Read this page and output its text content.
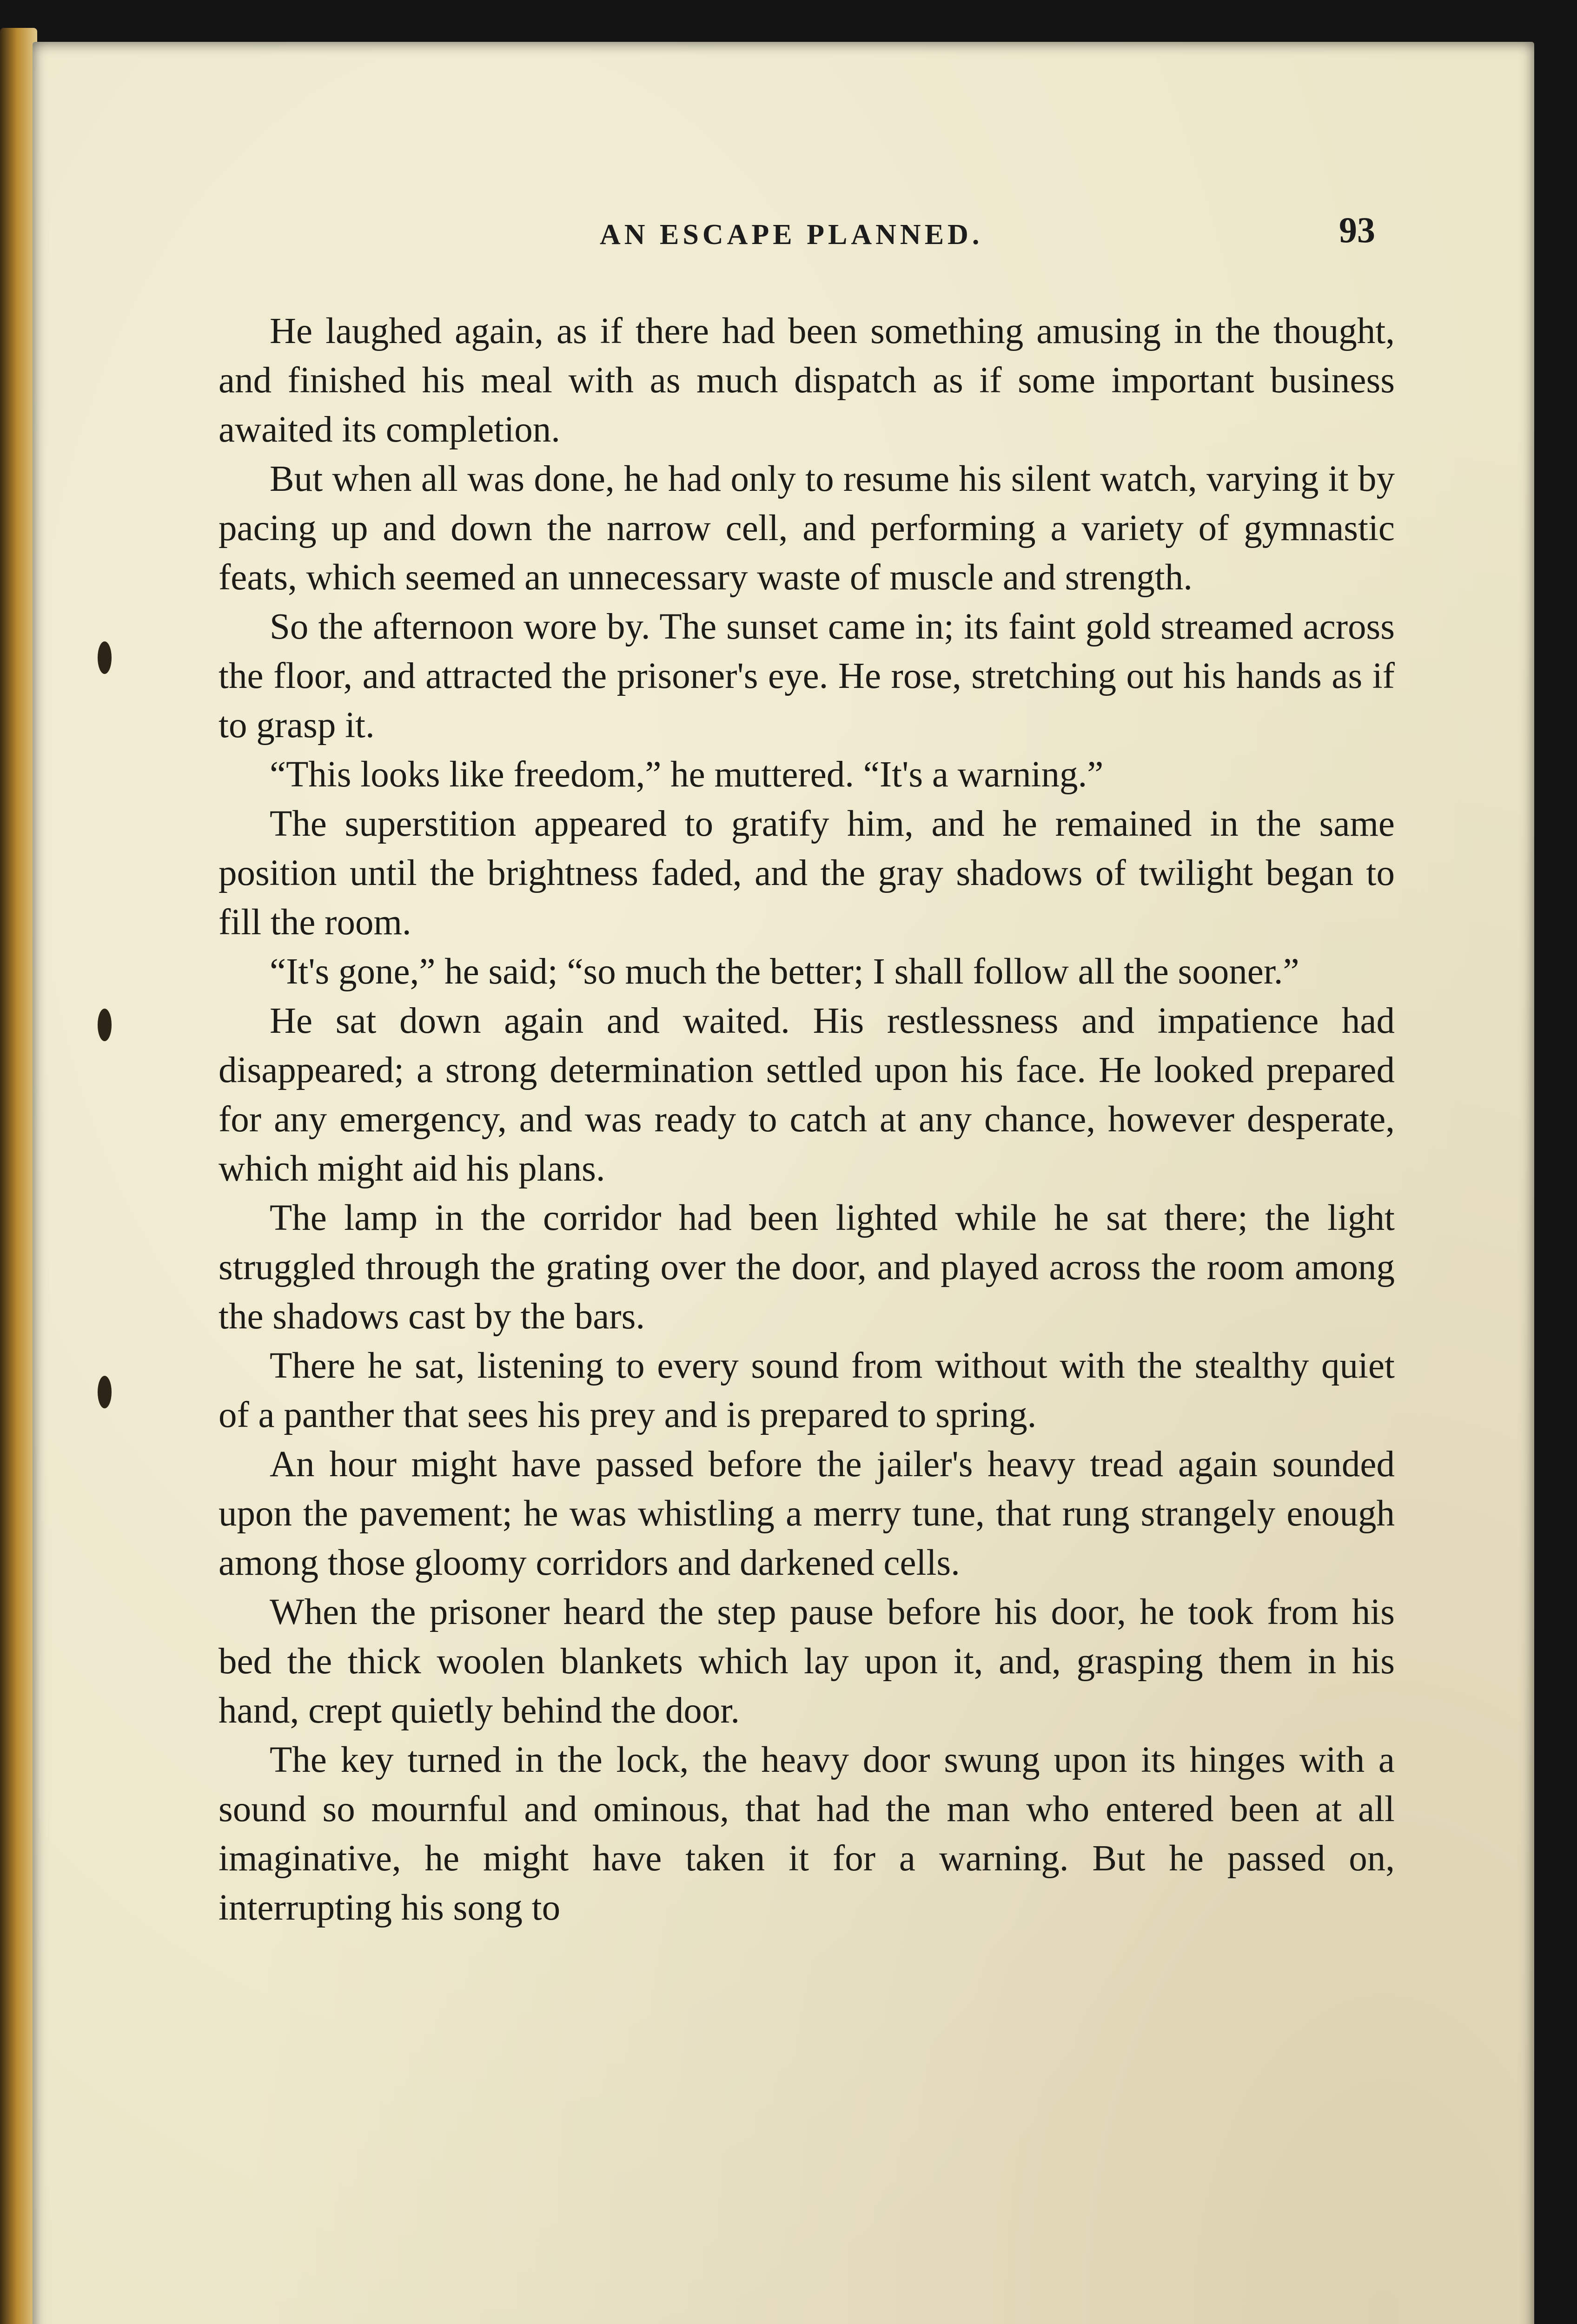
AN ESCAPE PLANNED.	93

He laughed again, as if there had been something amusing in the thought, and finished his meal with as much dispatch as if some important business awaited its completion.

But when all was done, he had only to resume his silent watch, varying it by pacing up and down the narrow cell, and performing a variety of gymnastic feats, which seemed an unnecessary waste of muscle and strength.

So the afternoon wore by. The sunset came in; its faint gold streamed across the floor, and attracted the prisoner's eye. He rose, stretching out his hands as if to grasp it.

“This looks like freedom,” he muttered. “It's a warning.”

The superstition appeared to gratify him, and he remained in the same position until the brightness faded, and the gray shadows of twilight began to fill the room.

“It's gone,” he said; “so much the better; I shall follow all the sooner.”

He sat down again and waited. His restlessness and impatience had disappeared; a strong determination settled upon his face. He looked prepared for any emergency, and was ready to catch at any chance, however desperate, which might aid his plans.

The lamp in the corridor had been lighted while he sat there; the light struggled through the grating over the door, and played across the room among the shadows cast by the bars.

There he sat, listening to every sound from without with the stealthy quiet of a panther that sees his prey and is prepared to spring.

An hour might have passed before the jailer's heavy tread again sounded upon the pavement; he was whistling a merry tune, that rung strangely enough among those gloomy corridors and darkened cells.

When the prisoner heard the step pause before his door, he took from his bed the thick woolen blankets which lay upon it, and, grasping them in his hand, crept quietly behind the door.

The key turned in the lock, the heavy door swung upon its hinges with a sound so mournful and ominous, that had the man who entered been at all imaginative, he might have taken it for a warning. But he passed on, interrupting his song to
